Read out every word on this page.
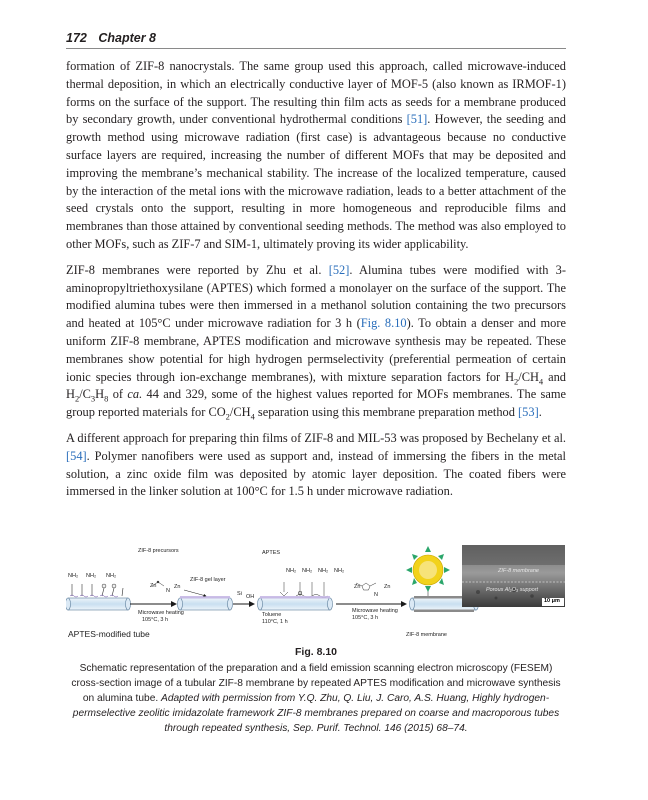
172 Chapter 8

formation of ZIF-8 nanocrystals. The same group used this approach, called microwave-induced thermal deposition, in which an electrically conductive layer of MOF-5 (also known as IRMOF-1) forms on the surface of the support. The resulting thin film acts as seeds for a membrane produced by secondary growth, under conventional hydrothermal conditions [51]. However, the seeding and growth method using microwave radiation (first case) is advantageous because no conductive surface layers are required, increasing the number of different MOFs that may be deposited and improving the membrane’s mechanical stability. The increase of the localized temperature, caused by the interaction of the metal ions with the microwave radiation, leads to a better attachment of the seed crystals onto the support, resulting in more homogeneous and reproducible films and membranes than those attained by conventional seeding methods. The method was also employed to other MOFs, such as ZIF-7 and SIM-1, ultimately proving its wider applicability.

ZIF-8 membranes were reported by Zhu et al. [52]. Alumina tubes were modified with 3-aminopropyltriethoxysilane (APTES) which formed a monolayer on the surface of the support. The modified alumina tubes were then immersed in a methanol solution containing the two precursors and heated at 105°C under microwave radiation for 3 h (Fig. 8.10). To obtain a denser and more uniform ZIF-8 membrane, APTES modification and microwave synthesis may be repeated. These membranes show potential for high hydrogen permselectivity (preferential permeation of certain ionic species through ion-exchange membranes), with mixture separation factors for $H_2/CH_4$ and $H_2/C_3H_8$ of ca. 44 and 329, some of the highest values reported for MOFs membranes. The same group reported materials for $CO_2/CH_4$ separation using this membrane preparation method [53].

A different approach for preparing thin films of ZIF-8 and MIL-53 was proposed by Bechelany et al. [54]. Polymer nanofibers were used as support and, instead of immersing the fibers in the metal solution, a zinc oxide film was deposited by atomic layer deposition. The coated fibers were immersed in the linker solution at 100°C for 1.5 h under microwave radiation.

ZIF-8 precursors	APTES
ZIF-8 gel layer
NH₂ NH₂ NH₂
Zn	Zn
N
NH₂ NH₂ NH₂ NH₂
Si OH	O
Zn	Zn
N
Microwave heating
105°C, 3 h
Toluene
110°C, 1 h
Microwave heating
105°C, 3 h
APTES-modified tube	ZIF-8 membrane
ZIF-8 membrane
Porous Al₂O₃ support
10 μm
Fig. 8.10
Schematic representation of the preparation and a field emission scanning electron microscopy (FESEM) cross-section image of a tubular ZIF-8 membrane by repeated APTES modification and microwave synthesis on alumina tube. Adapted with permission from Y.Q. Zhu, Q. Liu, J. Caro, A.S. Huang, Highly hydrogen-permselective zeolitic imidazolate framework ZIF-8 membranes prepared on coarse and macroporous tubes through repeated synthesis, Sep. Purif. Technol. 146 (2015) 68–74.
